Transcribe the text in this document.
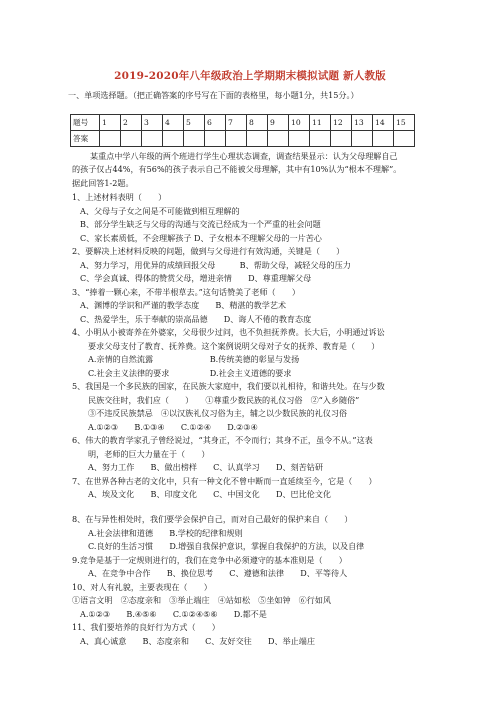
2019-2020年八年级政治上学期期末模拟试题 新人教版
一、单项选择题。（把正确答案的序号写在下面的表格里，每小题1分，共15分。）
题号	1	2	3	4	5	6	7	8	9	10	11	12	13	14	15
答案															
某重点中学八年级的两个班进行学生心理状态调查，调查结果显示：认为父母理解自己
的孩子仅占44%，有56%的孩子表示自己不能被父母理解，其中有10%认为“根本不理解”。
据此回答1-2题。
1、上述材料表明（　　）
A、父母与子女之间是不可能做到相互理解的
B、部分学生缺乏与父母的沟通与交流已经成为一个严重的社会问题
C、家长素质低，不会理解孩子 D、子女根本不理解父母的一片苦心
2、要解决上述材料反映的问题，做到与父母进行有效沟通，关键是（　　）
A、努力学习，用优异的成绩回报父母　　　B、帮助父母，减轻父母的压力
C、学会真诚、得体的赞赏父母，增进亲情　　D、尊重理解父母
3、“捧着一颗心来，不带半根草去。”这句话赞美了老师（　　）
A、渊博的学识和严谨的教学态度　　B、精湛的教学艺术
C、热爱学生，乐于奉献的崇高品德　　D、诲人不倦的教育态度
4、小明从小被寄养在外婆家，父母很少过问，也不负担抚养费。长大后，小明通过诉讼
要求父母支付了教育、抚养费。这个案例说明父母对子女的抚养、教育是（　　）
A.亲情的自然流露　　　　　　　B.传统美德的彰显与发扬
C.社会主义法律的要求　　　　　D.社会主义道德的要求
5、我国是一个多民族的国家，在民族大家庭中，我们要以礼相待，和谐共处。在与少数
民族交往时，我们应（　　）　　①尊重少数民族的礼仪习俗　②“入乡随俗”
③不违反民族禁忌　④以汉族礼仪习俗为主，辅之以少数民族的礼仪习俗
A.①②③　　B.①③④　　C.①②④　　D.②③④
6、伟大的教育学家孔子曾经说过，“其身正，不令而行；其身不正，虽令不从。”这表
明，老师的巨大力量在于（　　）
A、努力工作　　B、做出榜样　　C、认真学习　　D、刻苦钻研
7、在世界各种古老的文化中，只有一种文化不曾中断而一直延续至今，它是（　　）
A、埃及文化　　B、印度文化　　C、中国文化　　D、巴比伦文化
8、在与异性相处时，我们要学会保护自己，而对自己最好的保护来自（　　）
A.社会法律和道德　　B.学校的纪律和规则
C.良好的生活习惯　　D.增强自我保护意识，掌握自我保护的方法，以及自律
9.竞争是基于一定规则进行的，我们在竞争中必须遵守的基本准则是（　　）
A、在竞争中合作　　B、换位思考　　C、遵德和法律　　D、平等待人
10、对人有礼貌，主要表现在（　　）
①语言文明　②态度亲和　③举止端庄　④站如松　⑤坐如钟　⑥行如风
A.①②③　　B.④⑤⑥　　C.①②④⑤⑥　　D.都不是
11、我们要培养的良好行为方式（　　）
A、真心诚意　　B、态度亲和　　C、友好交往　　D、举止端庄
